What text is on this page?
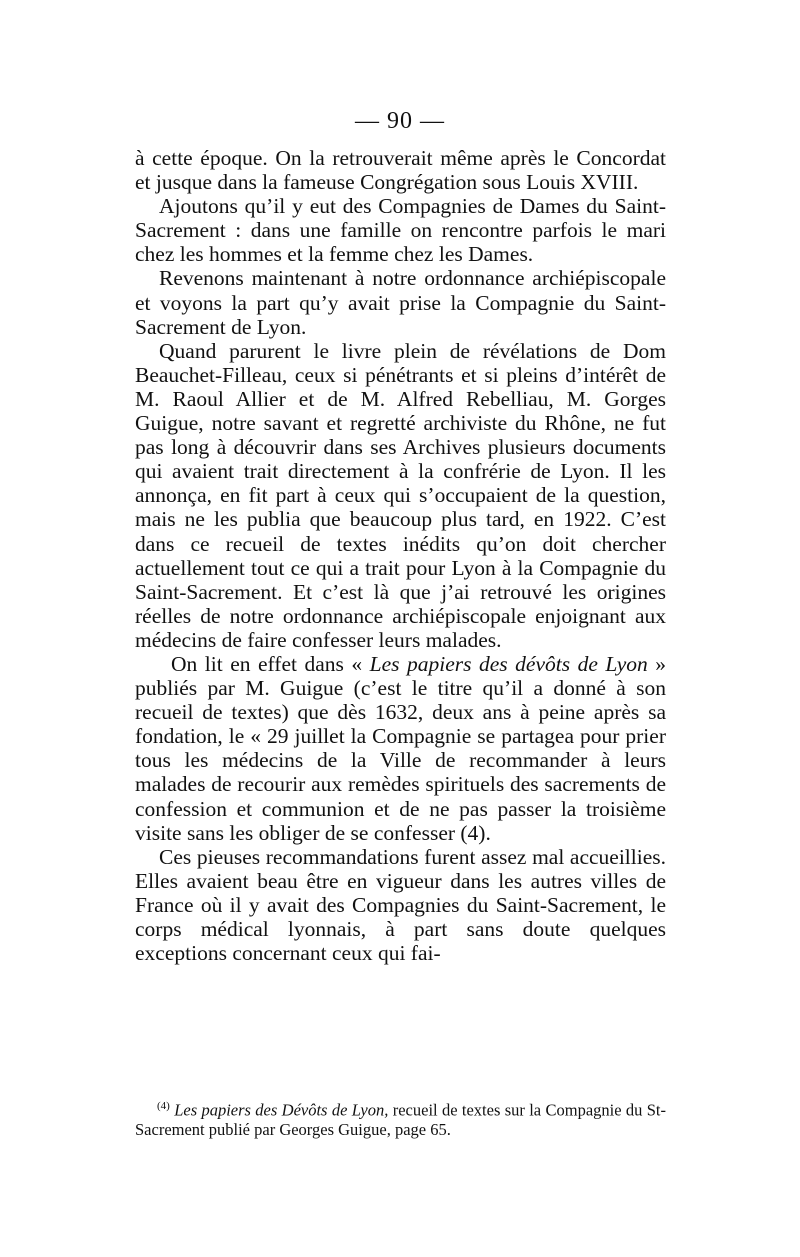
— 90 —

à cette époque. On la retrouverait même après le Concordat et jusque dans la fameuse Congrégation sous Louis XVIII.

Ajoutons qu’il y eut des Compagnies de Dames du Saint-Sacrement : dans une famille on rencontre parfois le mari chez les hommes et la femme chez les Dames.

Revenons maintenant à notre ordonnance archiépiscopale et voyons la part qu’y avait prise la Compagnie du Saint-Sacrement de Lyon.

Quand parurent le livre plein de révélations de Dom Beauchet-Filleau, ceux si pénétrants et si pleins d’intérêt de M. Raoul Allier et de M. Alfred Rebelliau, M. Gorges Guigue, notre savant et regretté archiviste du Rhône, ne fut pas long à découvrir dans ses Archives plusieurs documents qui avaient trait directement à la confrérie de Lyon. Il les annonça, en fit part à ceux qui s’occupaient de la question, mais ne les publia que beaucoup plus tard, en 1922. C’est dans ce recueil de textes inédits qu’on doit chercher actuellement tout ce qui a trait pour Lyon à la Compagnie du Saint-Sacrement. Et c’est là que j’ai retrouvé les origines réelles de notre ordonnance archiépiscopale enjoignant aux médecins de faire confesser leurs malades.

On lit en effet dans « Les papiers des dévôts de Lyon » publiés par M. Guigue (c’est le titre qu’il a donné à son recueil de textes) que dès 1632, deux ans à peine après sa fondation, le « 29 juillet la Compagnie se partagea pour prier tous les médecins de la Ville de recommander à leurs malades de recourir aux remèdes spirituels des sacrements de confession et communion et de ne pas passer la troisième visite sans les obliger de se confesser (4).

Ces pieuses recommandations furent assez mal accueillies. Elles avaient beau être en vigueur dans les autres villes de France où il y avait des Compagnies du Saint-Sacrement, le corps médical lyonnais, à part sans doute quelques exceptions concernant ceux qui fai-

$^{(4)}$ Les papiers des Dévôts de Lyon, recueil de textes sur la Compagnie du St-Sacrement publié par Georges Guigue, page 65.
